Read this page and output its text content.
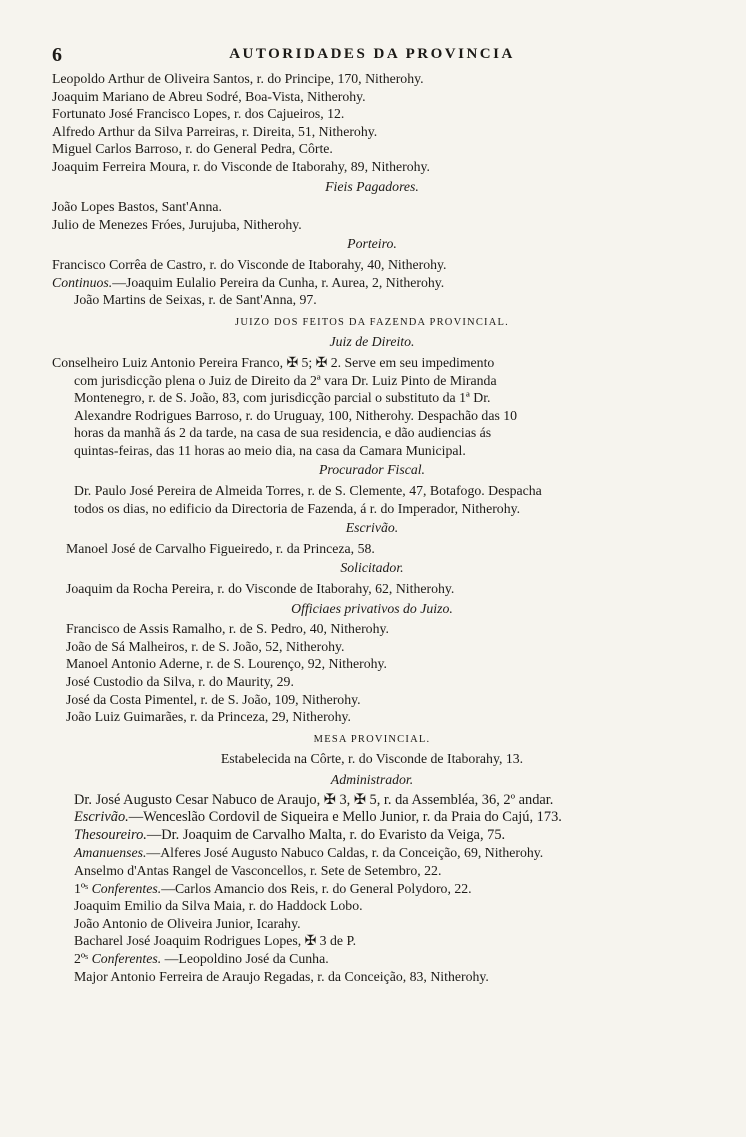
6	AUTORIDADES DA PROVINCIA
Leopoldo Arthur de Oliveira Santos, r. do Principe, 170, Nitherohy.
Joaquim Mariano de Abreu Sodré, Boa-Vista, Nitherohy.
Fortunato José Francisco Lopes, r. dos Cajueiros, 12.
Alfredo Arthur da Silva Parreiras, r. Direita, 51, Nitherohy.
Miguel Carlos Barroso, r. do General Pedra, Côrte.
Joaquim Ferreira Moura, r. do Visconde de Itaborahy, 89, Nitherohy.
Fieis Pagadores.
João Lopes Bastos, Sant'Anna.
Julio de Menezes Fróes, Jurujuba, Nitherohy.
Porteiro.
Francisco Corrêa de Castro, r. do Visconde de Itaborahy, 40, Nitherohy.
Continuos.—Joaquim Eulalio Pereira da Cunha, r. Aurea, 2, Nitherohy.
João Martins de Seixas, r. de Sant'Anna, 97.
JUIZO DOS FEITOS DA FAZENDA PROVINCIAL.
Juiz de Direito.
Conselheiro Luiz Antonio Pereira Franco, ✠ 5; ✠ 2. Serve em seu impedimento
com jurisdicção plena o Juiz de Direito da 2ª vara Dr. Luiz Pinto de Miranda
Montenegro, r. de S. João, 83, com jurisdicção parcial o substituto da 1ª Dr.
Alexandre Rodrigues Barroso, r. do Uruguay, 100, Nitherohy. Despachão das 10
horas da manhã ás 2 da tarde, na casa de sua residencia, e dão audiencias ás
quintas-feiras, das 11 horas ao meio dia, na casa da Camara Municipal.
Procurador Fiscal.
Dr. Paulo José Pereira de Almeida Torres, r. de S. Clemente, 47, Botafogo. Despacha
todos os dias, no edificio da Directoria de Fazenda, á r. do Imperador, Nitherohy.
Escrivão.
Manoel José de Carvalho Figueiredo, r. da Princeza, 58.
Solicitador.
Joaquim da Rocha Pereira, r. do Visconde de Itaborahy, 62, Nitherohy.
Officiaes privativos do Juizo.
Francisco de Assis Ramalho, r. de S. Pedro, 40, Nitherohy.
João de Sá Malheiros, r. de S. João, 52, Nitherohy.
Manoel Antonio Aderne, r. de S. Lourenço, 92, Nitherohy.
José Custodio da Silva, r. do Maurity, 29.
José da Costa Pimentel, r. de S. João, 109, Nitherohy.
João Luiz Guimarães, r. da Princeza, 29, Nitherohy.
MESA PROVINCIAL.
Estabelecida na Côrte, r. do Visconde de Itaborahy, 13.
Administrador.
Dr. José Augusto Cesar Nabuco de Araujo, ✠ 3, ✠ 5, r. da Assembléa, 36, 2º andar.
Escrivão.—Wenceslão Cordovil de Siqueira e Mello Junior, r. da Praia do Cajú, 173.
Thesoureiro.—Dr. Joaquim de Carvalho Malta, r. do Evaristo da Veiga, 75.
Amanuenses.—Alferes José Augusto Nabuco Caldas, r. da Conceição, 69, Nitherohy.
Anselmo d'Antas Rangel de Vasconcellos, r. Sete de Setembro, 22.
1ºˢ Conferentes.—Carlos Amancio dos Reis, r. do General Polydoro, 22.
Joaquim Emilio da Silva Maia, r. do Haddock Lobo.
João Antonio de Oliveira Junior, Icarahy.
Bacharel José Joaquim Rodrigues Lopes, ✠ 3 de P.
2ºˢ Conferentes. —Leopoldino José da Cunha.
Major Antonio Ferreira de Araujo Regadas, r. da Conceição, 83, Nitherohy.
